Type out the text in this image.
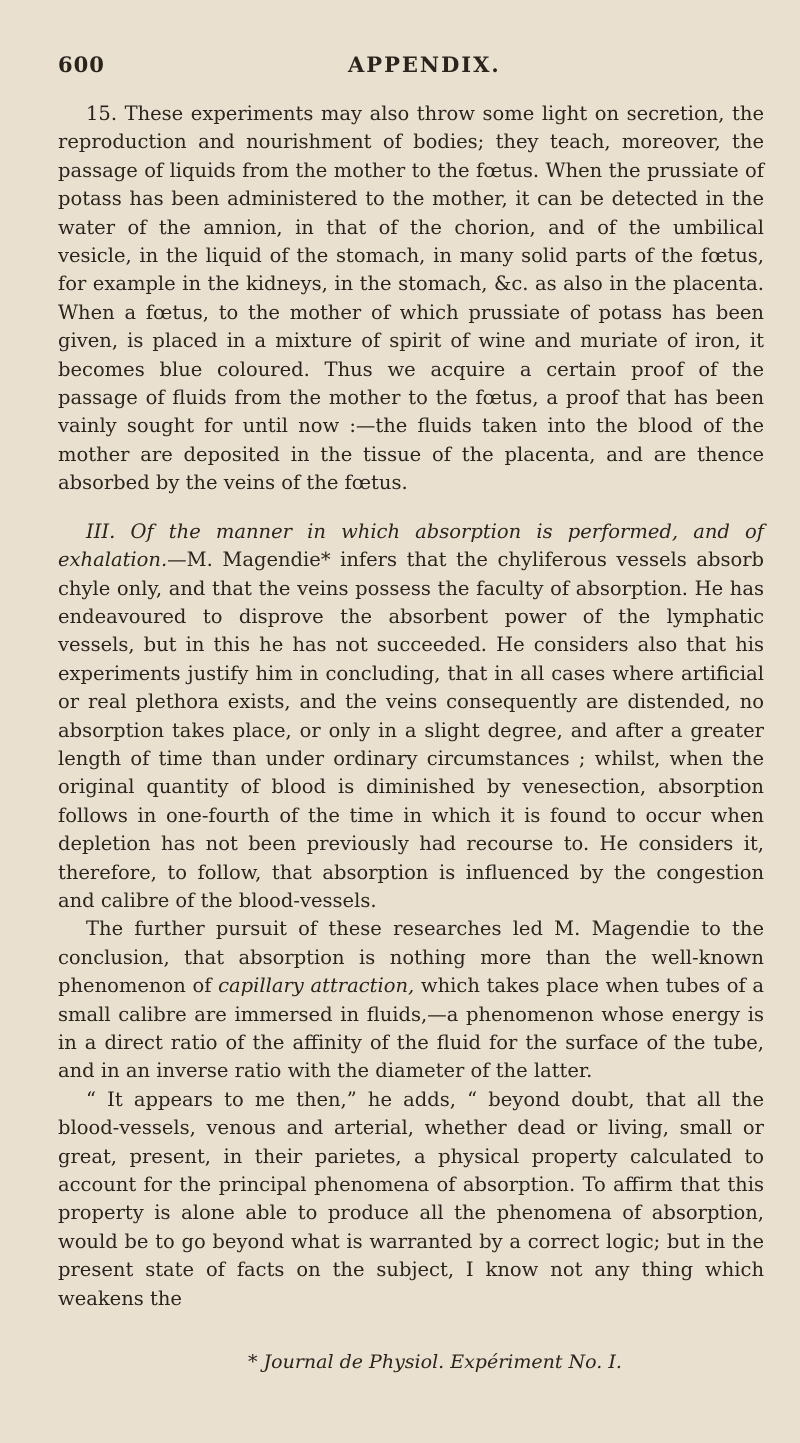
600	APPENDIX.

15. These experiments may also throw some light on secretion, the reproduction and nourishment of bodies; they teach, moreover, the passage of liquids from the mother to the fœtus. When the prussiate of potass has been administered to the mother, it can be detected in the water of the amnion, in that of the chorion, and of the umbilical vesicle, in the liquid of the stomach, in many solid parts of the fœtus, for example in the kidneys, in the stomach, &c. as also in the placenta. When a fœtus, to the mother of which prussiate of potass has been given, is placed in a mixture of spirit of wine and muriate of iron, it becomes blue coloured. Thus we acquire a certain proof of the passage of fluids from the mother to the fœtus, a proof that has been vainly sought for until now :—the fluids taken into the blood of the mother are deposited in the tissue of the placenta, and are thence absorbed by the veins of the fœtus.

III. Of the manner in which absorption is performed, and of exhalation.—M. Magendie* infers that the chyliferous vessels absorb chyle only, and that the veins possess the faculty of absorption. He has endeavoured to disprove the absorbent power of the lymphatic vessels, but in this he has not succeeded. He considers also that his experiments justify him in concluding, that in all cases where artificial or real plethora exists, and the veins consequently are distended, no absorption takes place, or only in a slight degree, and after a greater length of time than under ordinary circumstances ; whilst, when the original quantity of blood is diminished by venesection, absorption follows in one-fourth of the time in which it is found to occur when depletion has not been previously had recourse to. He considers it, therefore, to follow, that absorption is influenced by the congestion and calibre of the blood-vessels.

The further pursuit of these researches led M. Magendie to the conclusion, that absorption is nothing more than the well-known phenomenon of capillary attraction, which takes place when tubes of a small calibre are immersed in fluids,—a phenomenon whose energy is in a direct ratio of the affinity of the fluid for the surface of the tube, and in an inverse ratio with the diameter of the latter.

“ It appears to me then,” he adds, “ beyond doubt, that all the blood-vessels, venous and arterial, whether dead or living, small or great, present, in their parietes, a physical property calculated to account for the principal phenomena of absorption. To affirm that this property is alone able to produce all the phenomena of absorption, would be to go beyond what is warranted by a correct logic; but in the present state of facts on the subject, I know not any thing which weakens the

* Journal de Physiol. Expériment No. I.
